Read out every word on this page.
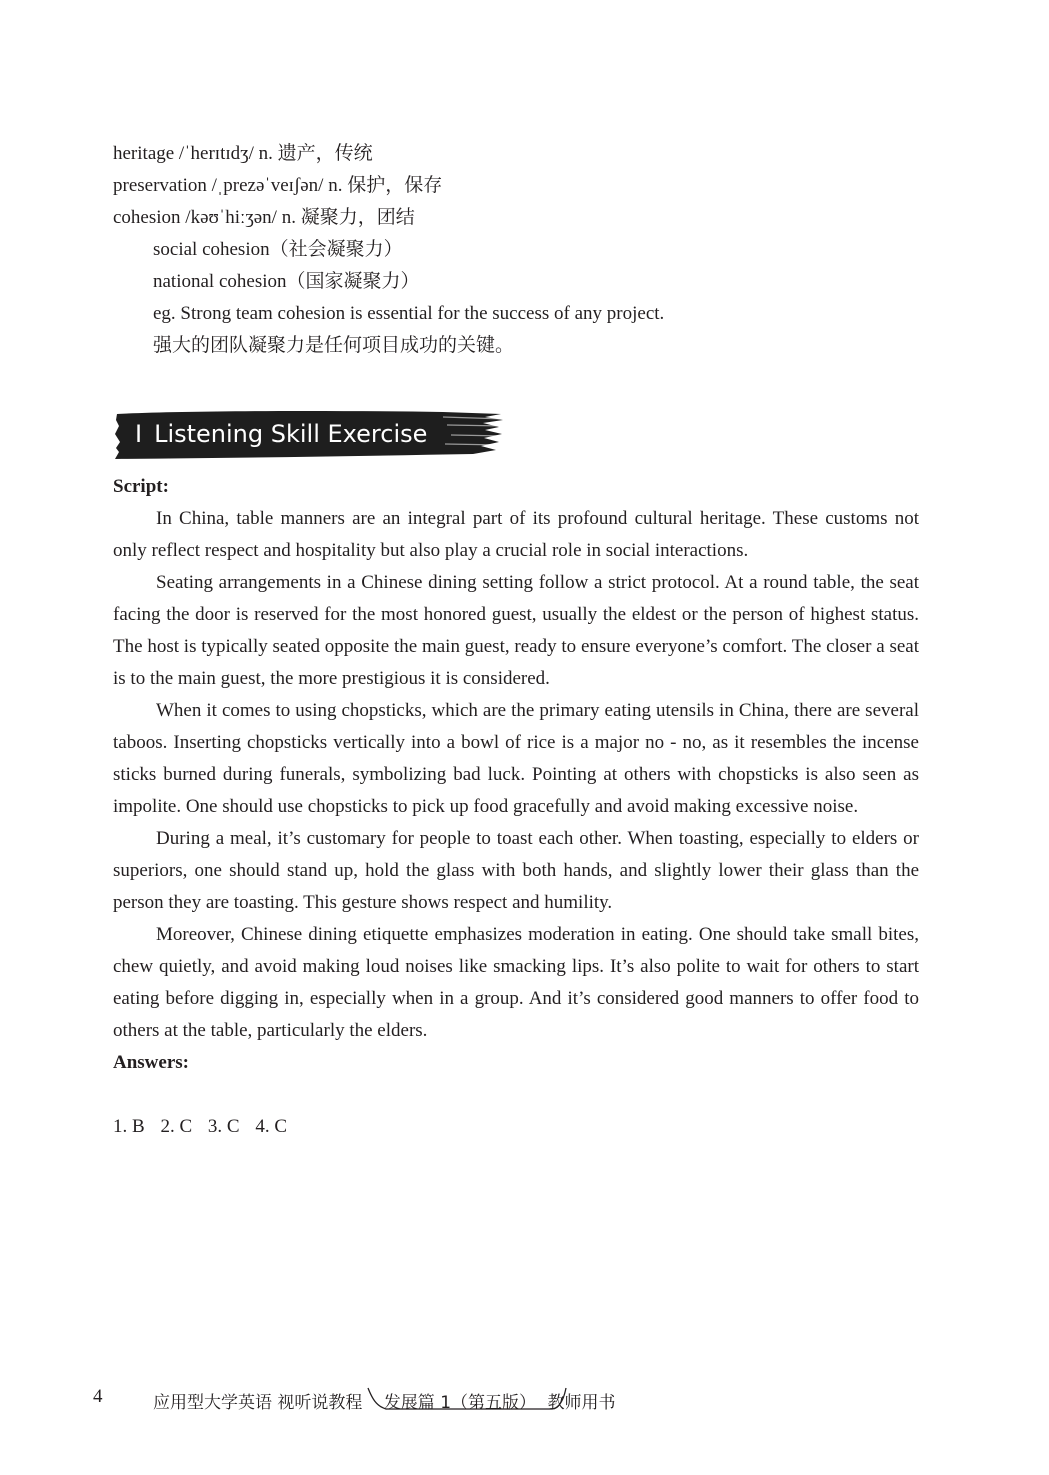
heritage /ˈherɪtɪdʒ/ n. 遗产，传统
preservation /ˌprezəˈveɪʃən/ n. 保护，保存
cohesion /kəʊˈhiːʒən/ n. 凝聚力，团结
social cohesion（社会凝聚力）
national cohesion（国家凝聚力）
eg. Strong team cohesion is essential for the success of any project.
强大的团队凝聚力是任何项目成功的关键。
I Listening Skill Exercise
Script:

In China, table manners are an integral part of its profound cultural heritage. These customs not only reflect respect and hospitality but also play a crucial role in social interactions.

Seating arrangements in a Chinese dining setting follow a strict protocol. At a round table, the seat facing the door is reserved for the most honored guest, usually the eldest or the person of highest status. The host is typically seated opposite the main guest, ready to ensure everyone’s comfort. The closer a seat is to the main guest, the more prestigious it is considered.

When it comes to using chopsticks, which are the primary eating utensils in China, there are several taboos. Inserting chopsticks vertically into a bowl of rice is a major no - no, as it resembles the incense sticks burned during funerals, symbolizing bad luck. Pointing at others with chopsticks is also seen as impolite. One should use chopsticks to pick up food gracefully and avoid making excessive noise.

During a meal, it’s customary for people to toast each other. When toasting, especially to elders or superiors, one should stand up, hold the glass with both hands, and slightly lower their glass than the person they are toasting. This gesture shows respect and humility.

Moreover, Chinese dining etiquette emphasizes moderation in eating. One should take small bites, chew quietly, and avoid making loud noises like smacking lips. It’s also polite to wait for others to start eating before digging in, especially when in a group. And it’s considered good manners to offer food to others at the table, particularly the elders.

Answers:
1. B 2. C 3. C 4. C
4	应用型大学英语 视听说教程 发展篇 1（第五版） 教师用书
